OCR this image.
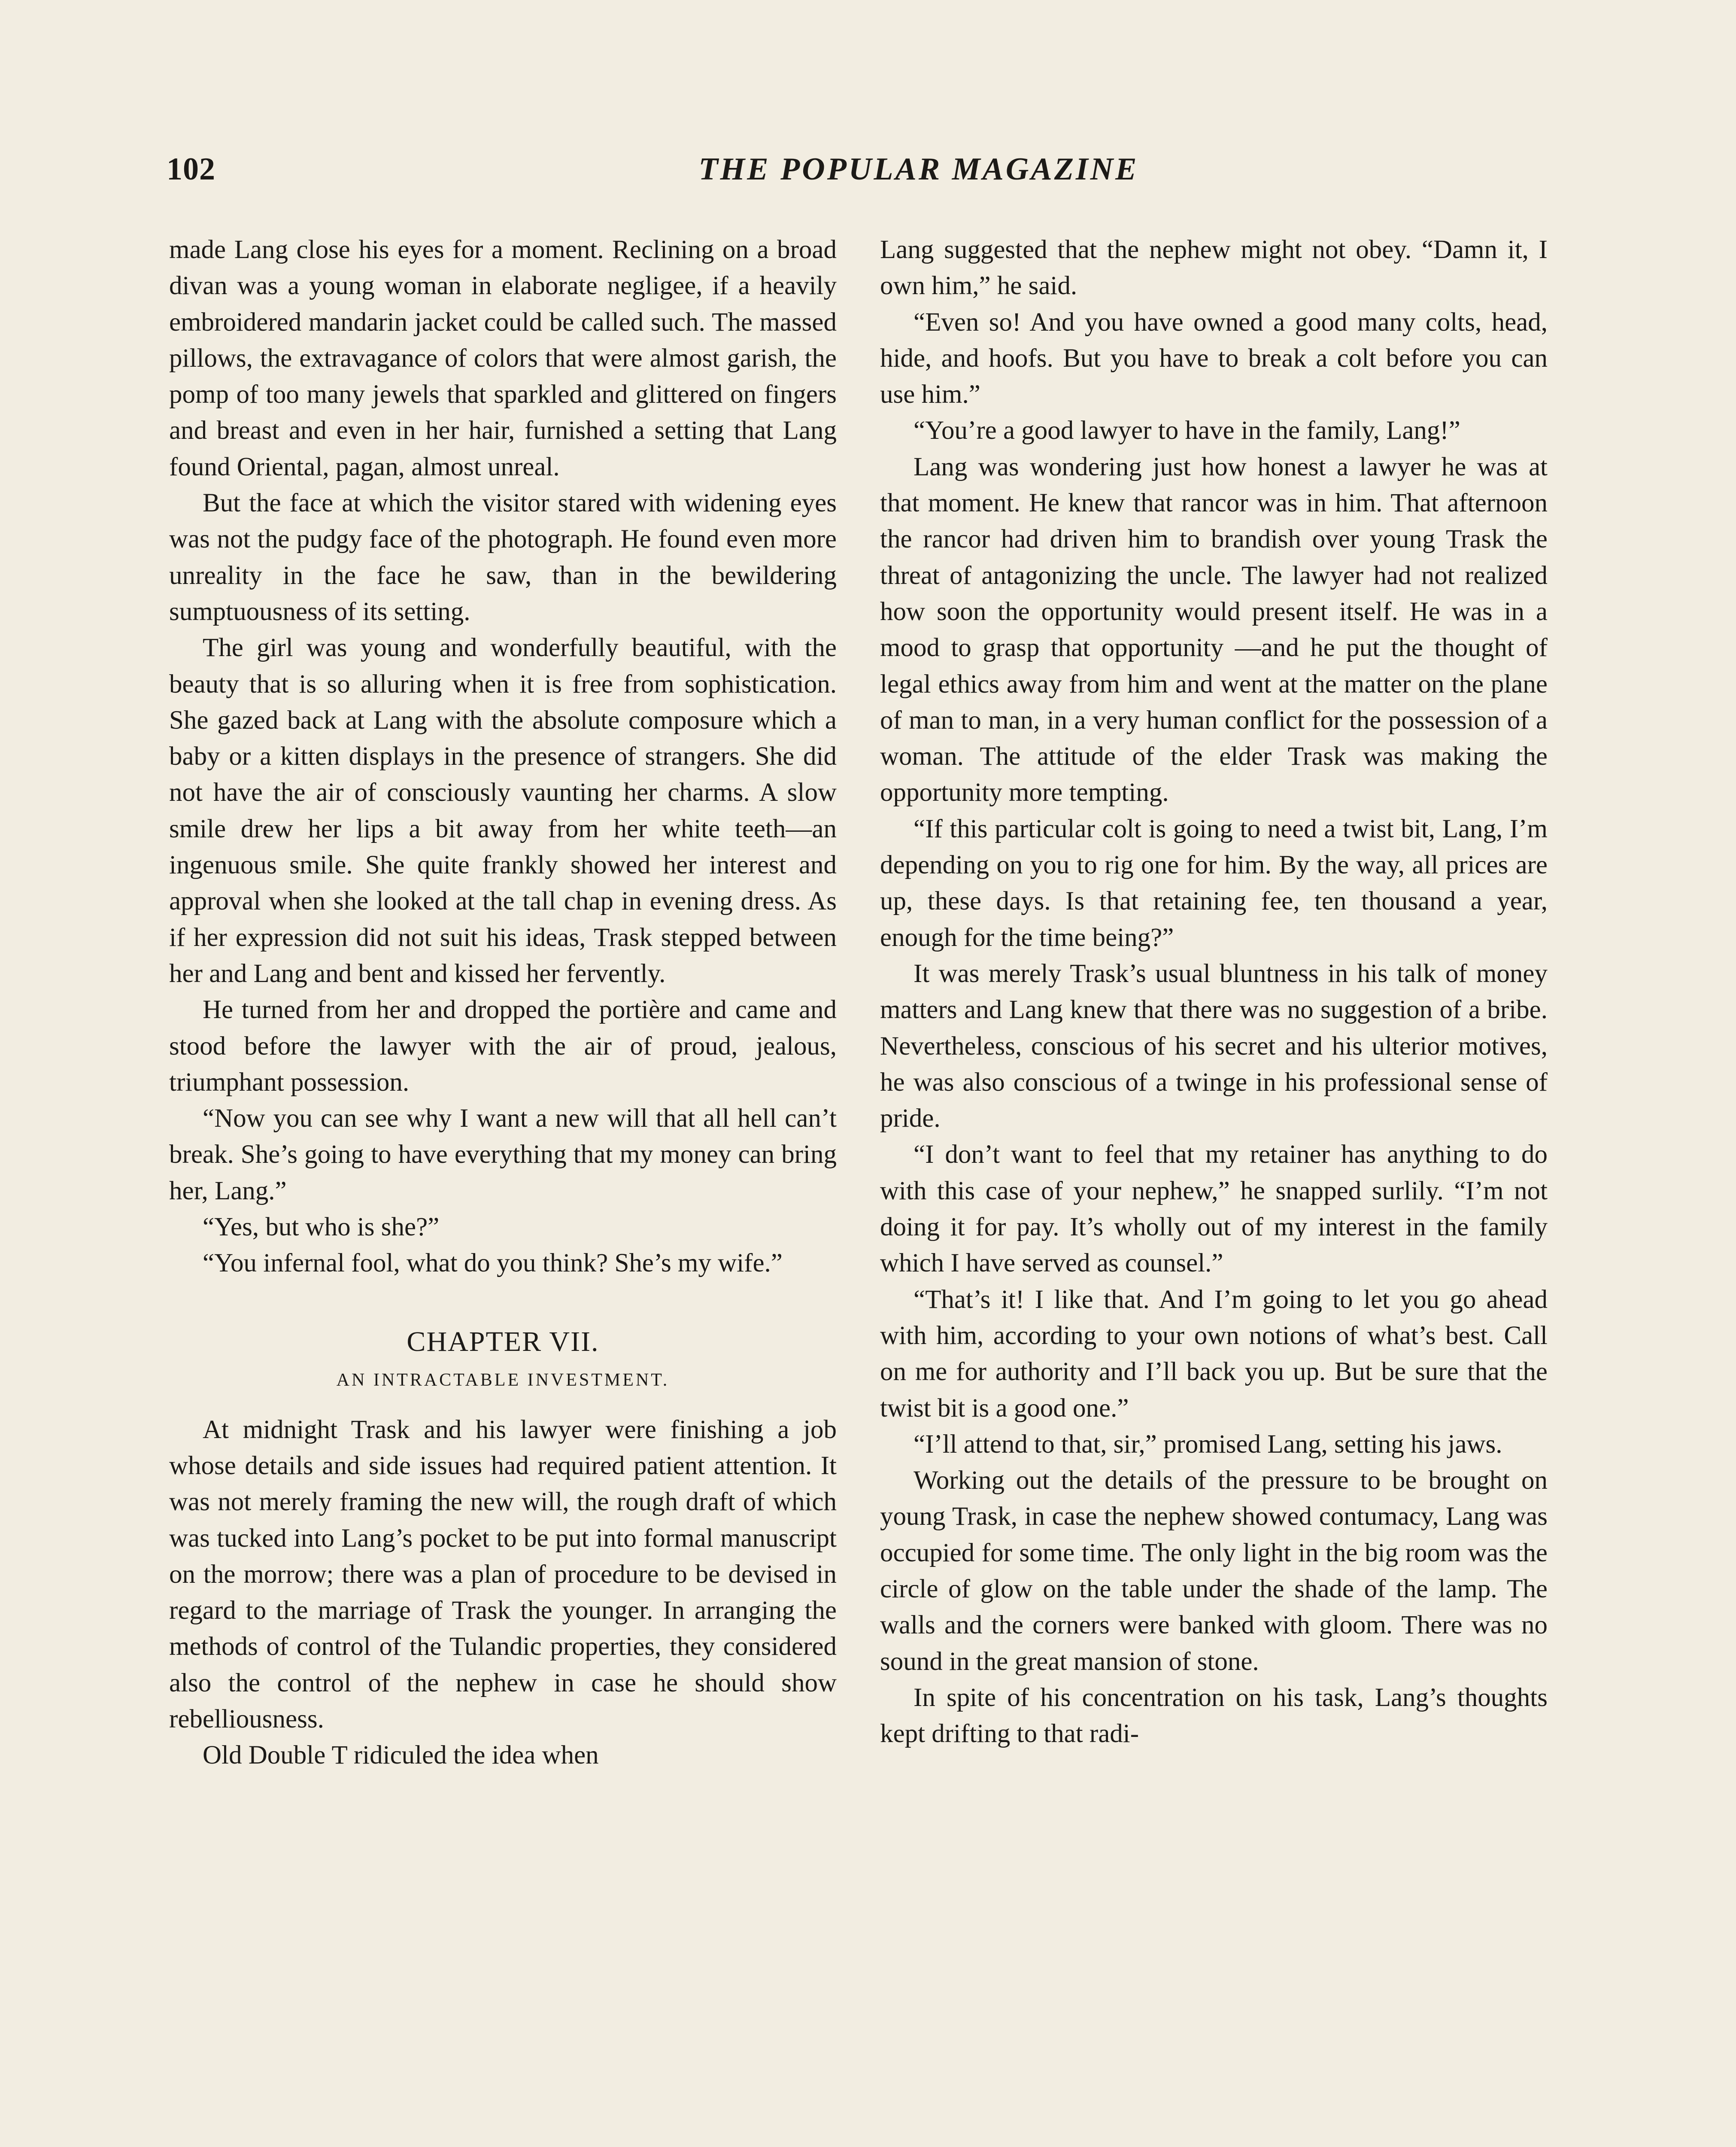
102	THE POPULAR MAGAZINE

made Lang close his eyes for a moment. Reclining on a broad divan was a young woman in elaborate negligee, if a heavily embroidered mandarin jacket could be called such. The massed pillows, the extravagance of colors that were almost garish, the pomp of too many jewels that sparkled and glittered on fingers and breast and even in her hair, furnished a setting that Lang found Oriental, pagan, almost unreal.

But the face at which the visitor stared with widening eyes was not the pudgy face of the photograph. He found even more unreality in the face he saw, than in the bewildering sumptuousness of its setting.

The girl was young and wonderfully beautiful, with the beauty that is so alluring when it is free from sophistication. She gazed back at Lang with the absolute composure which a baby or a kitten displays in the presence of strangers. She did not have the air of consciously vaunting her charms. A slow smile drew her lips a bit away from her white teeth—an ingenuous smile. She quite frankly showed her interest and approval when she looked at the tall chap in evening dress. As if her expression did not suit his ideas, Trask stepped between her and Lang and bent and kissed her fervently.

He turned from her and dropped the portière and came and stood before the lawyer with the air of proud, jealous, triumphant possession.

“Now you can see why I want a new will that all hell can’t break. She’s going to have everything that my money can bring her, Lang.”

“Yes, but who is she?”

“You infernal fool, what do you think? She’s my wife.”

CHAPTER VII.
AN INTRACTABLE INVESTMENT.

At midnight Trask and his lawyer were finishing a job whose details and side issues had required patient attention. It was not merely framing the new will, the rough draft of which was tucked into Lang’s pocket to be put into formal manuscript on the morrow; there was a plan of procedure to be devised in regard to the marriage of Trask the younger. In arranging the methods of control of the Tulandic properties, they considered also the control of the nephew in case he should show rebelliousness.

Old Double T ridiculed the idea when

Lang suggested that the nephew might not obey. “Damn it, I own him,” he said.

“Even so! And you have owned a good many colts, head, hide, and hoofs. But you have to break a colt before you can use him.”

“You’re a good lawyer to have in the family, Lang!”

Lang was wondering just how honest a lawyer he was at that moment. He knew that rancor was in him. That afternoon the rancor had driven him to brandish over young Trask the threat of antagonizing the uncle. The lawyer had not realized how soon the opportunity would present itself. He was in a mood to grasp that opportunity —and he put the thought of legal ethics away from him and went at the matter on the plane of man to man, in a very human conflict for the possession of a woman. The attitude of the elder Trask was making the opportunity more tempting.

“If this particular colt is going to need a twist bit, Lang, I’m depending on you to rig one for him. By the way, all prices are up, these days. Is that retaining fee, ten thousand a year, enough for the time being?”

It was merely Trask’s usual bluntness in his talk of money matters and Lang knew that there was no suggestion of a bribe. Nevertheless, conscious of his secret and his ulterior motives, he was also conscious of a twinge in his professional sense of pride.

“I don’t want to feel that my retainer has anything to do with this case of your nephew,” he snapped surlily. “I’m not doing it for pay. It’s wholly out of my interest in the family which I have served as counsel.”

“That’s it! I like that. And I’m going to let you go ahead with him, according to your own notions of what’s best. Call on me for authority and I’ll back you up. But be sure that the twist bit is a good one.”

“I’ll attend to that, sir,” promised Lang, setting his jaws.

Working out the details of the pressure to be brought on young Trask, in case the nephew showed contumacy, Lang was occupied for some time. The only light in the big room was the circle of glow on the table under the shade of the lamp. The walls and the corners were banked with gloom. There was no sound in the great mansion of stone.

In spite of his concentration on his task, Lang’s thoughts kept drifting to that radi-
